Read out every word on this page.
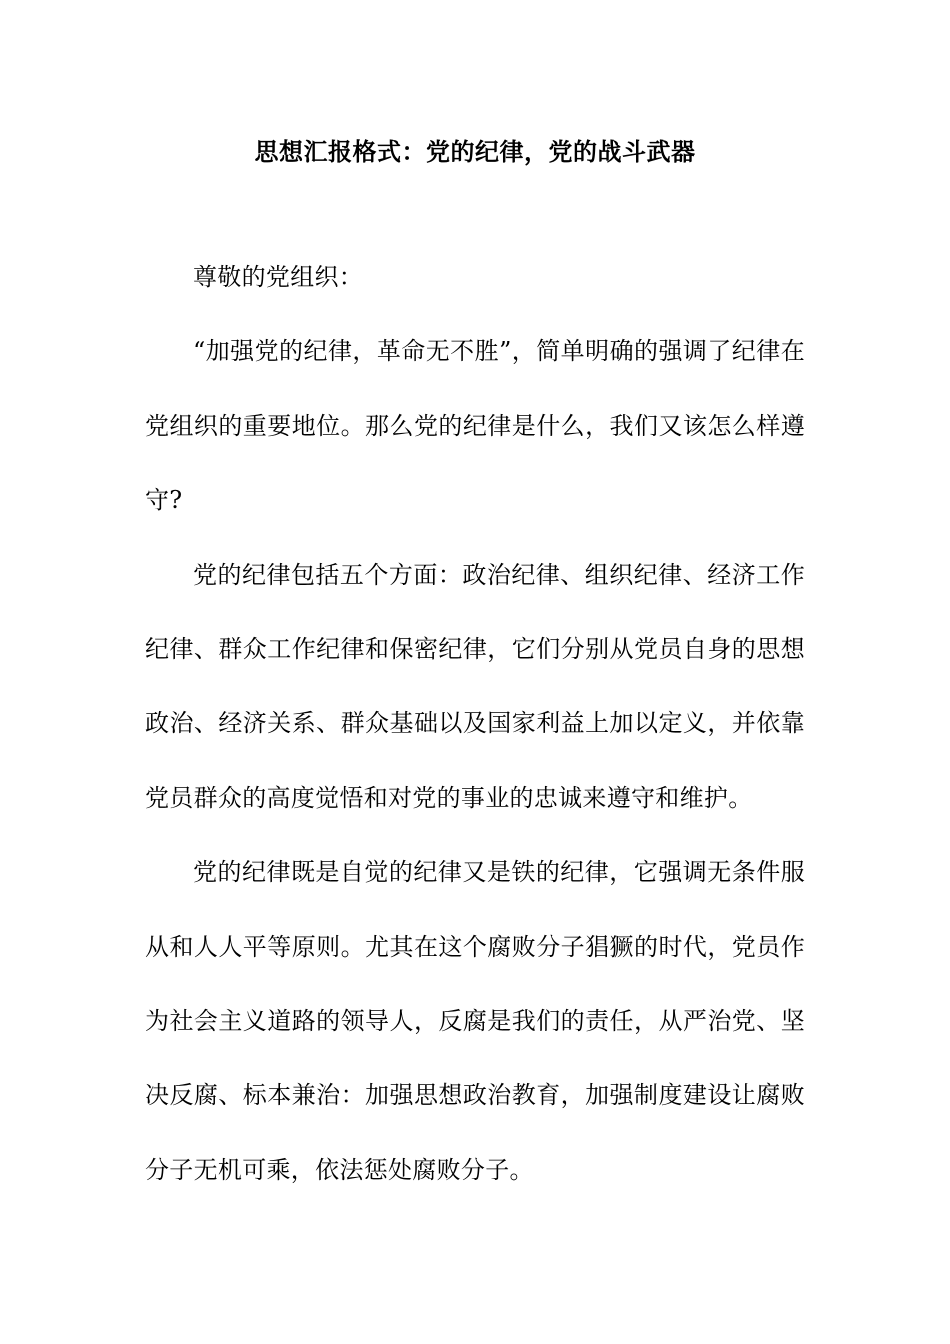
思想汇报格式：党的纪律，党的战斗武器

尊敬的党组织：

“加强党的纪律，革命无不胜”，简单明确的强调了纪律在党组织的重要地位。那么党的纪律是什么，我们又该怎么样遵守?

党的纪律包括五个方面：政治纪律、组织纪律、经济工作纪律、群众工作纪律和保密纪律，它们分别从党员自身的思想政治、经济关系、群众基础以及国家利益上加以定义，并依靠党员群众的高度觉悟和对党的事业的忠诚来遵守和维护。

党的纪律既是自觉的纪律又是铁的纪律，它强调无条件服从和人人平等原则。尤其在这个腐败分子猖獗的时代，党员作为社会主义道路的领导人，反腐是我们的责任，从严治党、坚决反腐、标本兼治：加强思想政治教育，加强制度建设让腐败分子无机可乘，依法惩处腐败分子。
